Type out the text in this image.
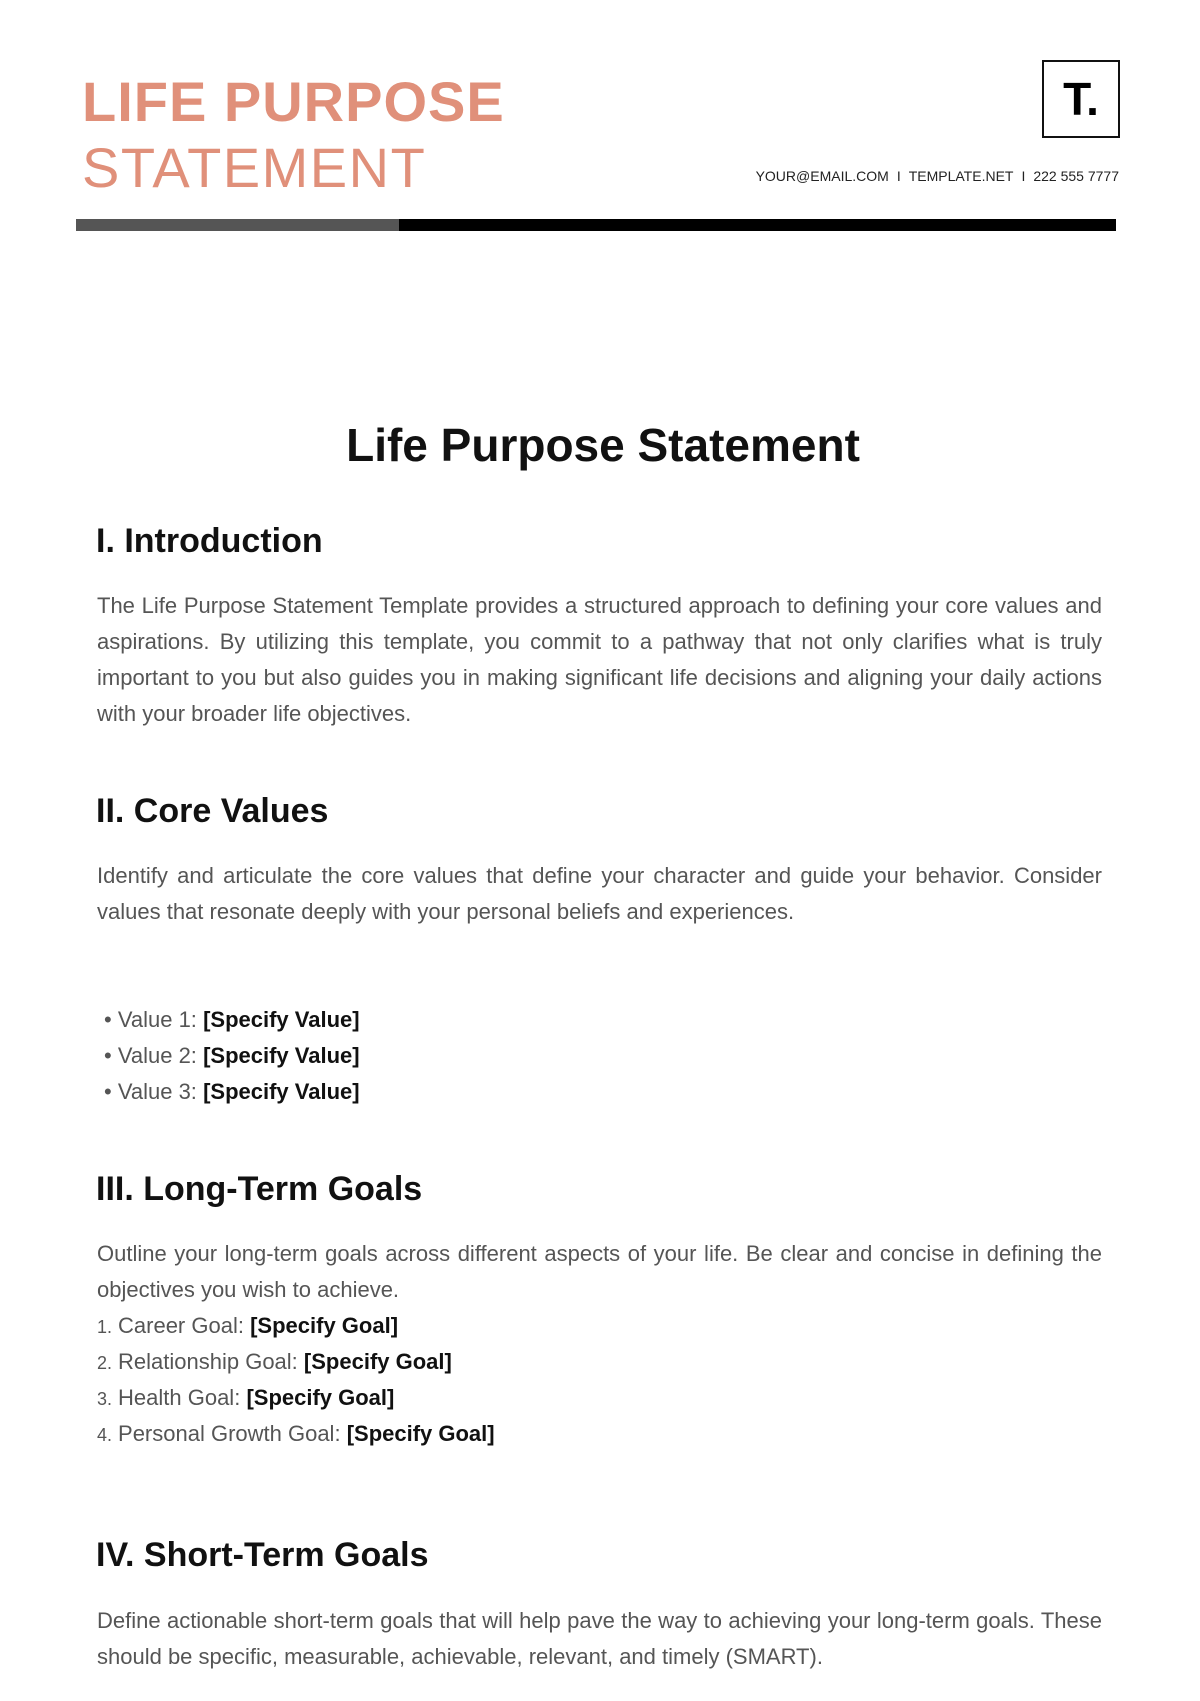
LIFE PURPOSE
STATEMENT
T.
YOUR@EMAIL.COM I TEMPLATE.NET I 222 555 7777
Life Purpose Statement
I. Introduction
The Life Purpose Statement Template provides a structured approach to defining your core values and aspirations. By utilizing this template, you commit to a pathway that not only clarifies what is truly important to you but also guides you in making significant life decisions and aligning your daily actions with your broader life objectives.
II. Core Values
Identify and articulate the core values that define your character and guide your behavior. Consider values that resonate deeply with your personal beliefs and experiences.
• Value 1: [Specify Value]
• Value 2: [Specify Value]
• Value 3: [Specify Value]
III. Long-Term Goals
Outline your long-term goals across different aspects of your life. Be clear and concise in defining the objectives you wish to achieve.
1. Career Goal: [Specify Goal]
2. Relationship Goal: [Specify Goal]
3. Health Goal: [Specify Goal]
4. Personal Growth Goal: [Specify Goal]
IV. Short-Term Goals
Define actionable short-term goals that will help pave the way to achieving your long-term goals. These should be specific, measurable, achievable, relevant, and timely (SMART).
